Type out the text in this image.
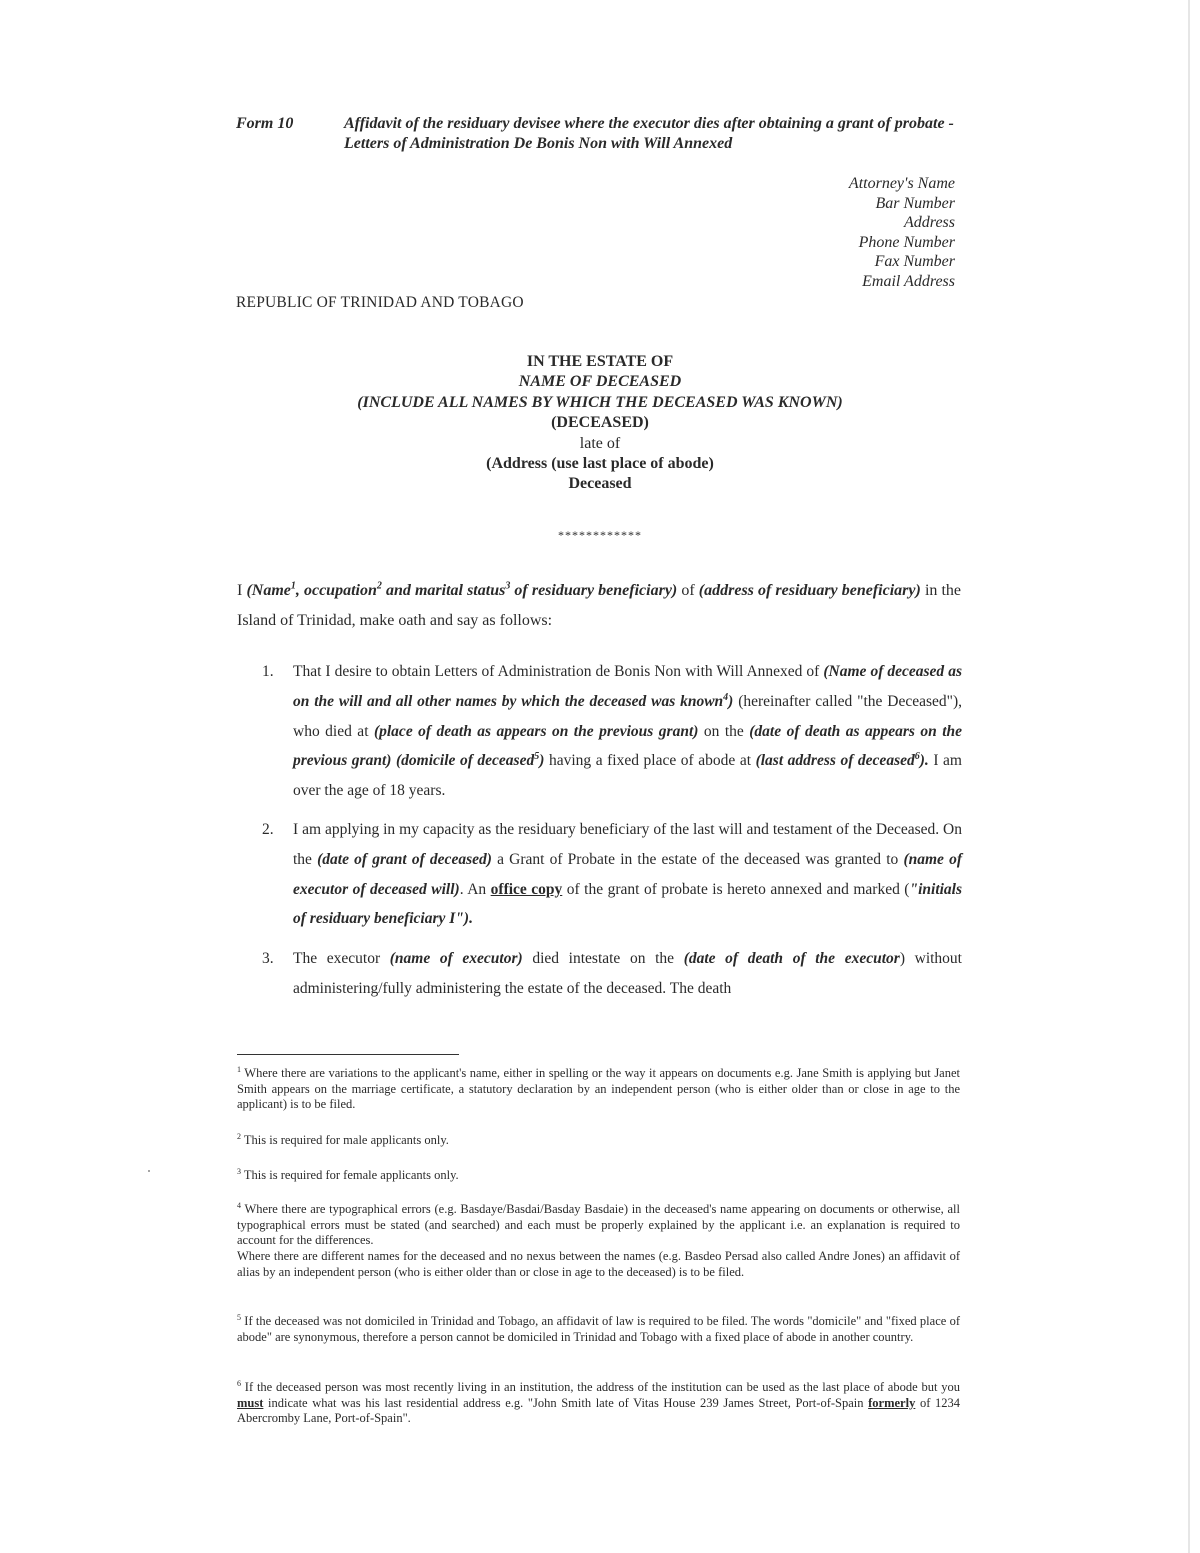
Form 10	Affidavit of the residuary devisee where the executor dies after obtaining a grant of probate - Letters of Administration De Bonis Non with Will Annexed
Attorney's Name
Bar Number
Address
Phone Number
Fax Number
Email Address
REPUBLIC OF TRINIDAD AND TOBAGO
IN THE ESTATE OF
NAME OF DECEASED
(INCLUDE ALL NAMES BY WHICH THE DECEASED WAS KNOWN)
(DECEASED)
late of
(Address (use last place of abode)
Deceased
************
I (Name$^1$, occupation$^2$ and marital status$^3$ of residuary beneficiary) of (address of residuary beneficiary) in the Island of Trinidad, make oath and say as follows:
1. That I desire to obtain Letters of Administration de Bonis Non with Will Annexed of (Name of deceased as on the will and all other names by which the deceased was known$^4$) (hereinafter called "the Deceased"), who died at (place of death as appears on the previous grant) on the (date of death as appears on the previous grant) (domicile of deceased$^5$) having a fixed place of abode at (last address of deceased$^6$). I am over the age of 18 years.
2. I am applying in my capacity as the residuary beneficiary of the last will and testament of the Deceased. On the (date of grant of deceased) a Grant of Probate in the estate of the deceased was granted to (name of executor of deceased will). An office copy of the grant of probate is hereto annexed and marked ("initials of residuary beneficiary I").
3. The executor (name of executor) died intestate on the (date of death of the executor) without administering/fully administering the estate of the deceased. The death
$^1$ Where there are variations to the applicant's name, either in spelling or the way it appears on documents e.g. Jane Smith is applying but Janet Smith appears on the marriage certificate, a statutory declaration by an independent person (who is either older than or close in age to the applicant) is to be filed.
$^2$ This is required for male applicants only.
$^3$ This is required for female applicants only.
$^4$ Where there are typographical errors (e.g. Basdaye/Basdai/Basday Basdaie) in the deceased's name appearing on documents or otherwise, all typographical errors must be stated (and searched) and each must be properly explained by the applicant i.e. an explanation is required to account for the differences.
Where there are different names for the deceased and no nexus between the names (e.g. Basdeo Persad also called Andre Jones) an affidavit of alias by an independent person (who is either older than or close in age to the deceased) is to be filed.
$^5$ If the deceased was not domiciled in Trinidad and Tobago, an affidavit of law is required to be filed. The words "domicile" and "fixed place of abode" are synonymous, therefore a person cannot be domiciled in Trinidad and Tobago with a fixed place of abode in another country.
$^6$ If the deceased person was most recently living in an institution, the address of the institution can be used as the last place of abode but you must indicate what was his last residential address e.g. "John Smith late of Vitas House 239 James Street, Port-of-Spain formerly of 1234 Abercromby Lane, Port-of-Spain".
